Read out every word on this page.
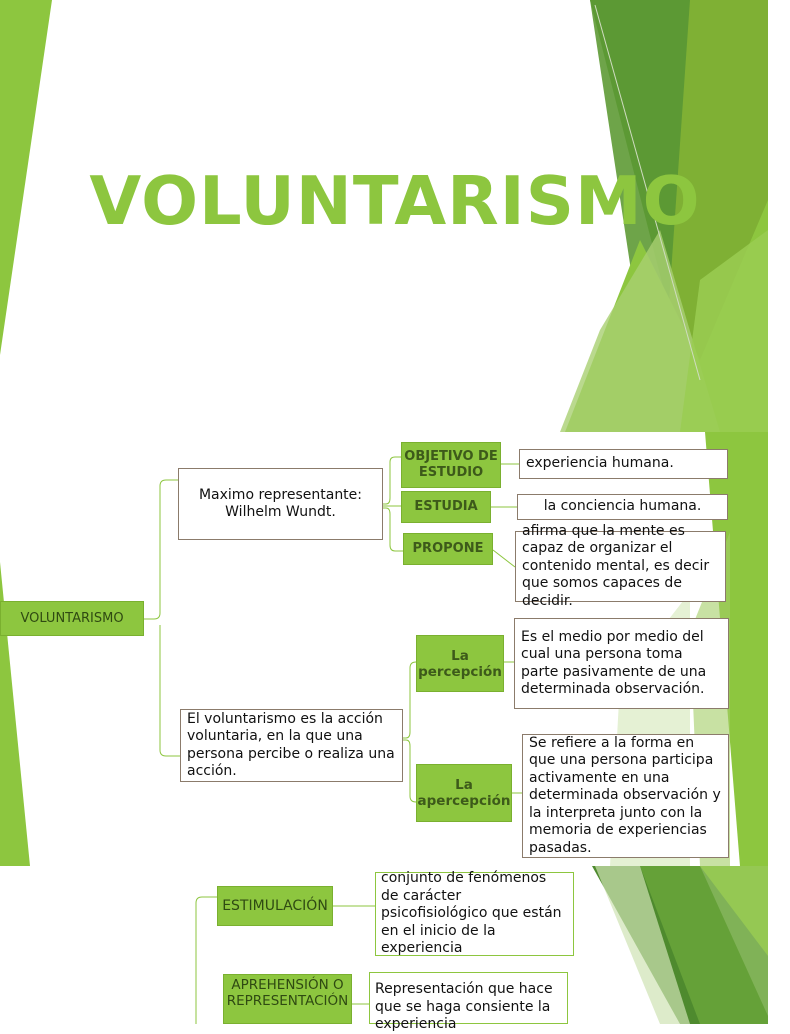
VOLUNTARISMO
VOLUNTARISMO
Maximo representante: Wilhelm Wundt.
OBJETIVO DE ESTUDIO
experiencia humana.
ESTUDIA	la conciencia humana.
PROPONE
afirma que la mente es capaz de organizar el contenido mental, es decir que somos capaces de decidir.
El voluntarismo es la acción voluntaria, en la que una persona percibe o realiza una acción.
La percepción
Es el medio por medio del cual una persona toma parte pasivamente de una determinada observación.
La apercepción
Se refiere a la forma en que una persona participa activamente en una determinada observación y la interpreta junto con la memoria de experiencias pasadas.
ESTIMULACIÓN
conjunto de fenómenos de carácter psicofisiológico que están en el inicio de la experiencia
APREHENSIÓN O REPRESENTACIÓN
Representación que hace que se haga consiente la experiencia
